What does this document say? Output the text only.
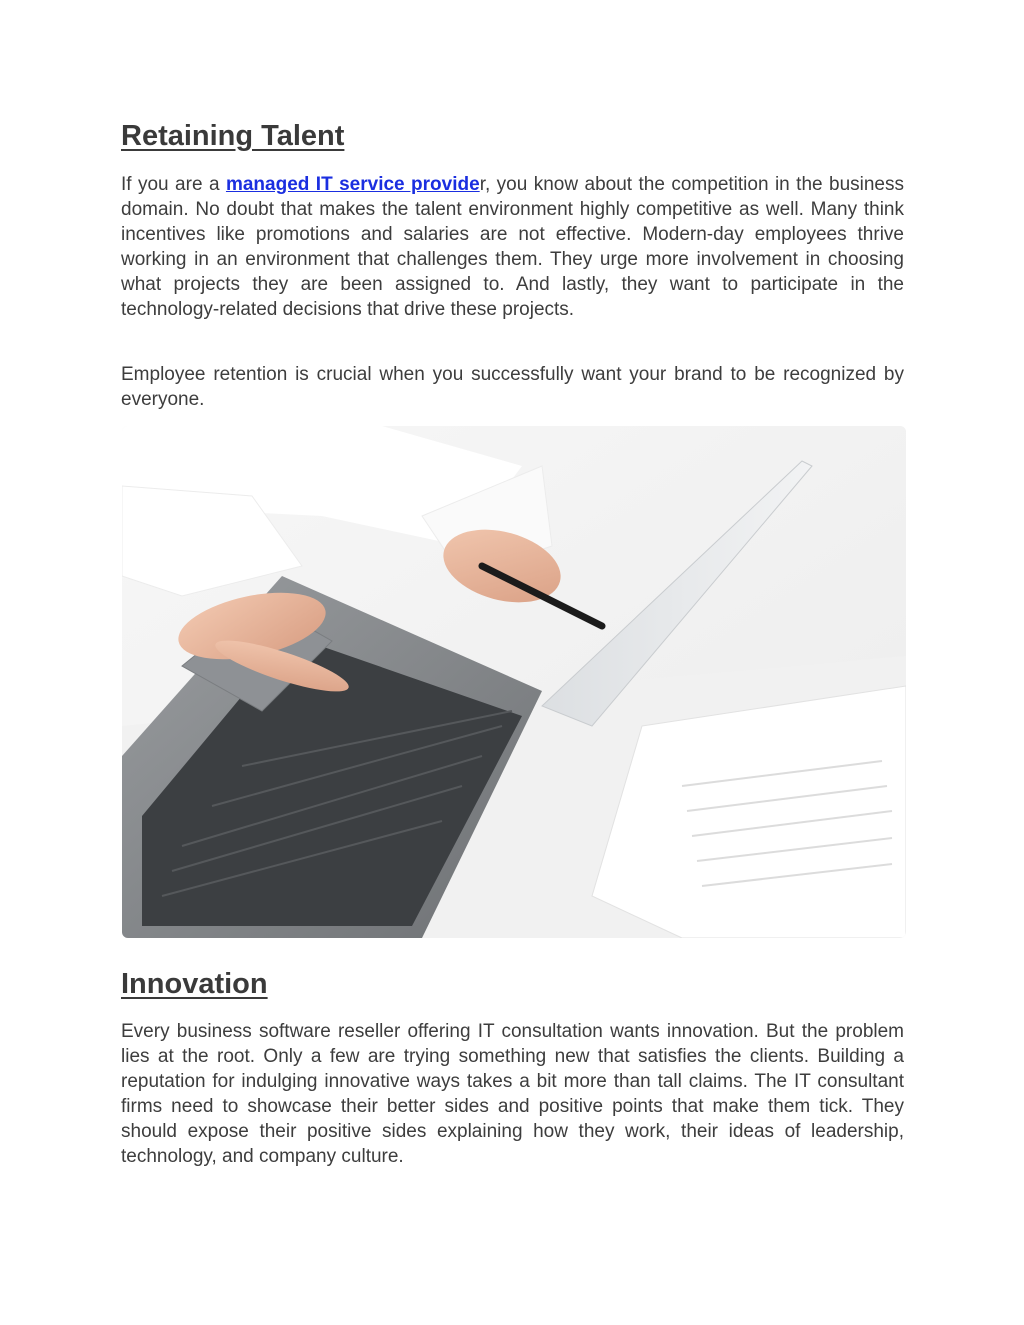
Retaining Talent

If you are a managed IT service provider, you know about the competition in the business domain. No doubt that makes the talent environment highly competitive as well. Many think incentives like promotions and salaries are not effective. Modern-day employees thrive working in an environment that challenges them. They urge more involvement in choosing what projects they are been assigned to. And lastly, they want to participate in the technology-related decisions that drive these projects.

Employee retention is crucial when you successfully want your brand to be recognized by everyone.

Innovation

Every business software reseller offering IT consultation wants innovation. But the problem lies at the root. Only a few are trying something new that satisfies the clients. Building a reputation for indulging innovative ways takes a bit more than tall claims. The IT consultant firms need to showcase their better sides and positive points that make them tick. They should expose their positive sides explaining how they work, their ideas of leadership, technology, and company culture.
